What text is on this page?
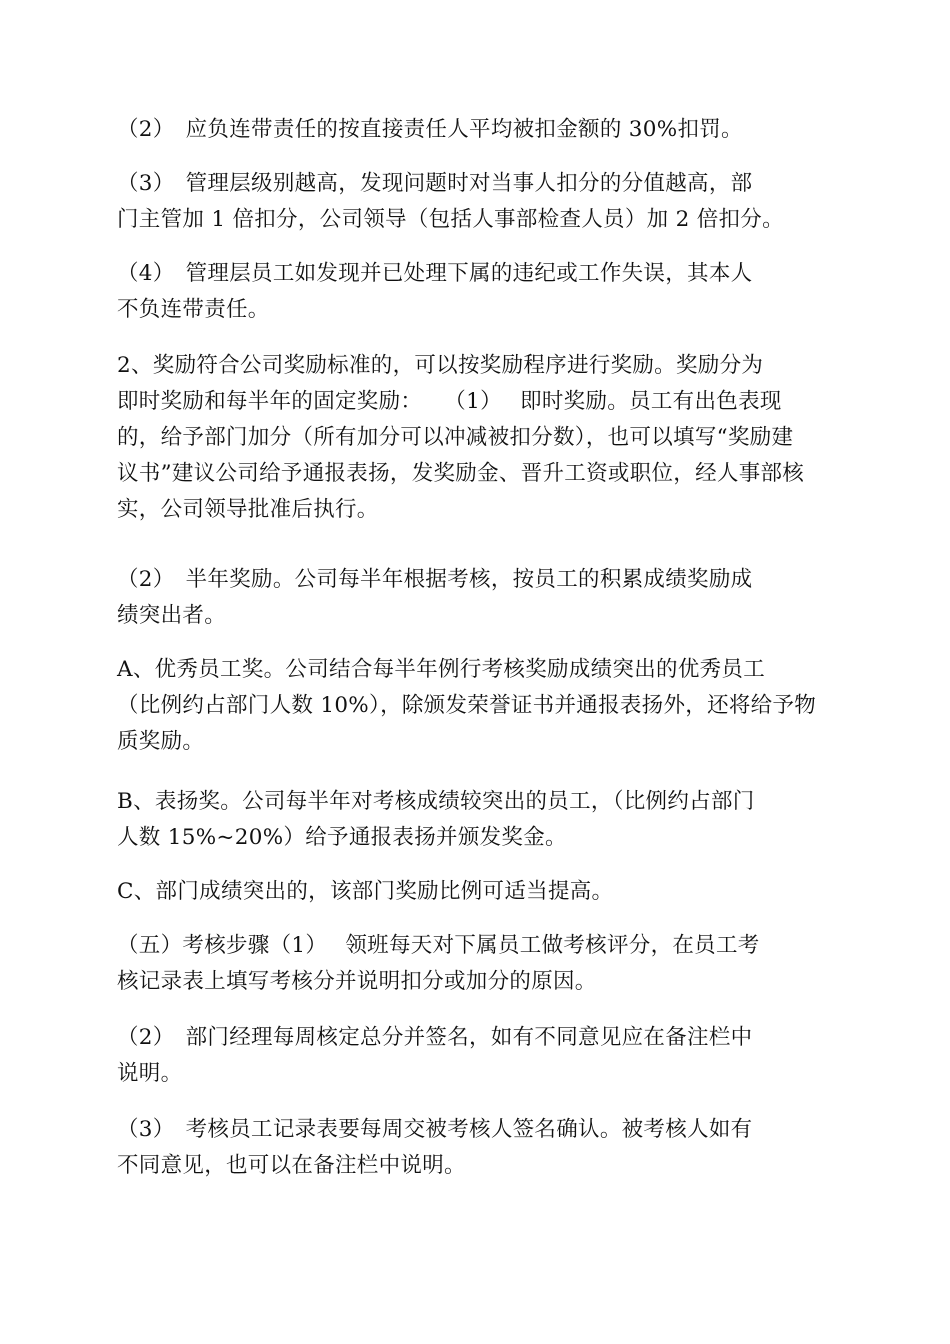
（2）　应负连带责任的按直接责任人平均被扣金额的 30%扣罚。

（3）　管理层级别越高，发现问题时对当事人扣分的分值越高，部
门主管加 1 倍扣分，公司领导（包括人事部检查人员）加 2 倍扣分。

（4）　管理层员工如发现并已处理下属的违纪或工作失误，其本人
不负连带责任。

2、奖励符合公司奖励标准的，可以按奖励程序进行奖励。奖励分为
即时奖励和每半年的固定奖励：　　（1）　 即时奖励。员工有出色表现
的，给予部门加分（所有加分可以冲减被扣分数），也可以填写“奖励建
议书”建议公司给予通报表扬，发奖励金、晋升工资或职位，经人事部核
实，公司领导批准后执行。

（2）　半年奖励。公司每半年根据考核，按员工的积累成绩奖励成
绩突出者。

A、优秀员工奖。公司结合每半年例行考核奖励成绩突出的优秀员工
（比例约占部门人数 10%），除颁发荣誉证书并通报表扬外，还将给予物
质奖励。

B、表扬奖。公司每半年对考核成绩较突出的员工，（比例约占部门
人数 15%~20%）给予通报表扬并颁发奖金。

C、部门成绩突出的，该部门奖励比例可适当提高。

（五）考核步骤（1）　 领班每天对下属员工做考核评分，在员工考
核记录表上填写考核分并说明扣分或加分的原因。

（2）　部门经理每周核定总分并签名，如有不同意见应在备注栏中
说明。

（3）　考核员工记录表要每周交被考核人签名确认。被考核人如有
不同意见，也可以在备注栏中说明。
